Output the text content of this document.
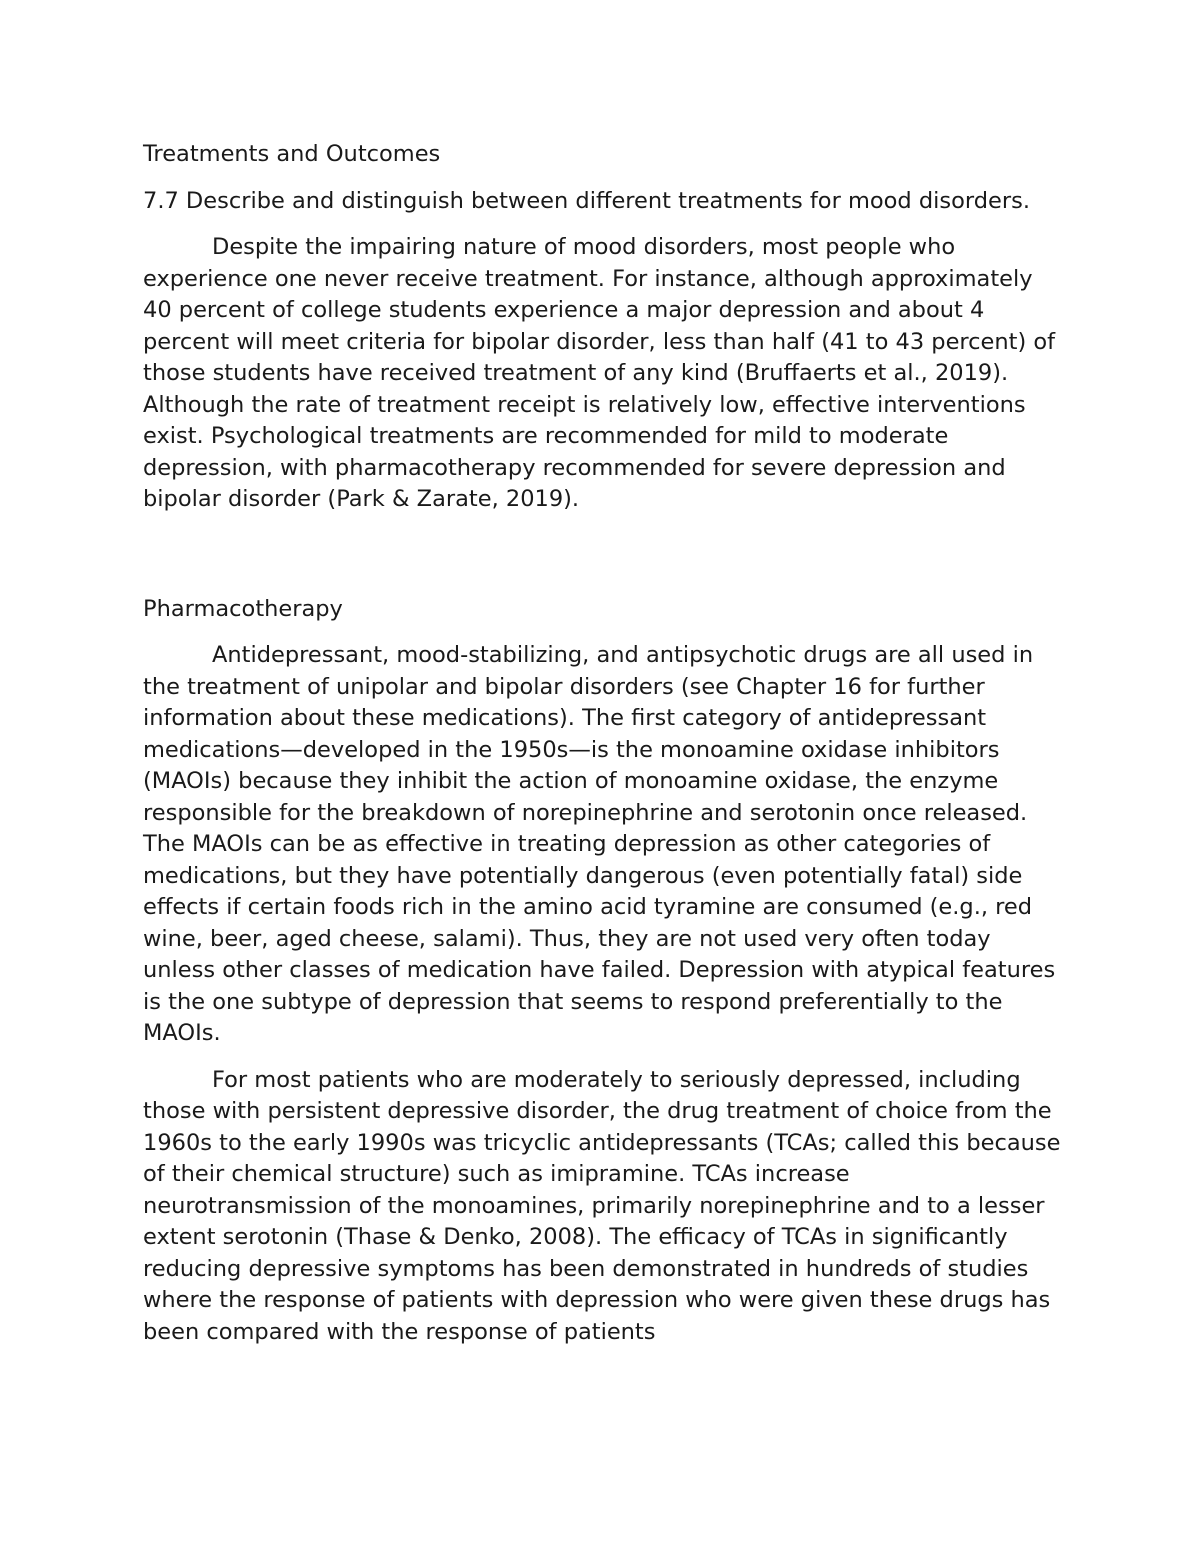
Treatments and Outcomes

7.7 Describe and distinguish between different treatments for mood disorders.

Despite the impairing nature of mood disorders, most people who experience one never receive treatment. For instance, although approximately 40 percent of college students experience a major depression and about 4 percent will meet criteria for bipolar disorder, less than half (41 to 43 percent) of those students have received treatment of any kind (Bruffaerts et al., 2019). Although the rate of treatment receipt is relatively low, effective interventions exist. Psychological treatments are recommended for mild to moderate depression, with pharmacotherapy recommended for severe depression and bipolar disorder (Park & Zarate, 2019).

Pharmacotherapy

Antidepressant, mood-stabilizing, and antipsychotic drugs are all used in the treatment of unipolar and bipolar disorders (see Chapter 16 for further information about these medications). The first category of antidepressant medications—developed in the 1950s—is the monoamine oxidase inhibitors (MAOIs) because they inhibit the action of monoamine oxidase, the enzyme responsible for the breakdown of norepinephrine and serotonin once released. The MAOIs can be as effective in treating depression as other categories of medications, but they have potentially dangerous (even potentially fatal) side effects if certain foods rich in the amino acid tyramine are consumed (e.g., red wine, beer, aged cheese, salami). Thus, they are not used very often today unless other classes of medication have failed. Depression with atypical features is the one subtype of depression that seems to respond preferentially to the MAOIs.

For most patients who are moderately to seriously depressed, including those with persistent depressive disorder, the drug treatment of choice from the 1960s to the early 1990s was tricyclic antidepressants (TCAs; called this because of their chemical structure) such as imipramine. TCAs increase neurotransmission of the monoamines, primarily norepinephrine and to a lesser extent serotonin (Thase & Denko, 2008). The efficacy of TCAs in significantly reducing depressive symptoms has been demonstrated in hundreds of studies where the response of patients with depression who were given these drugs has been compared with the response of patients
